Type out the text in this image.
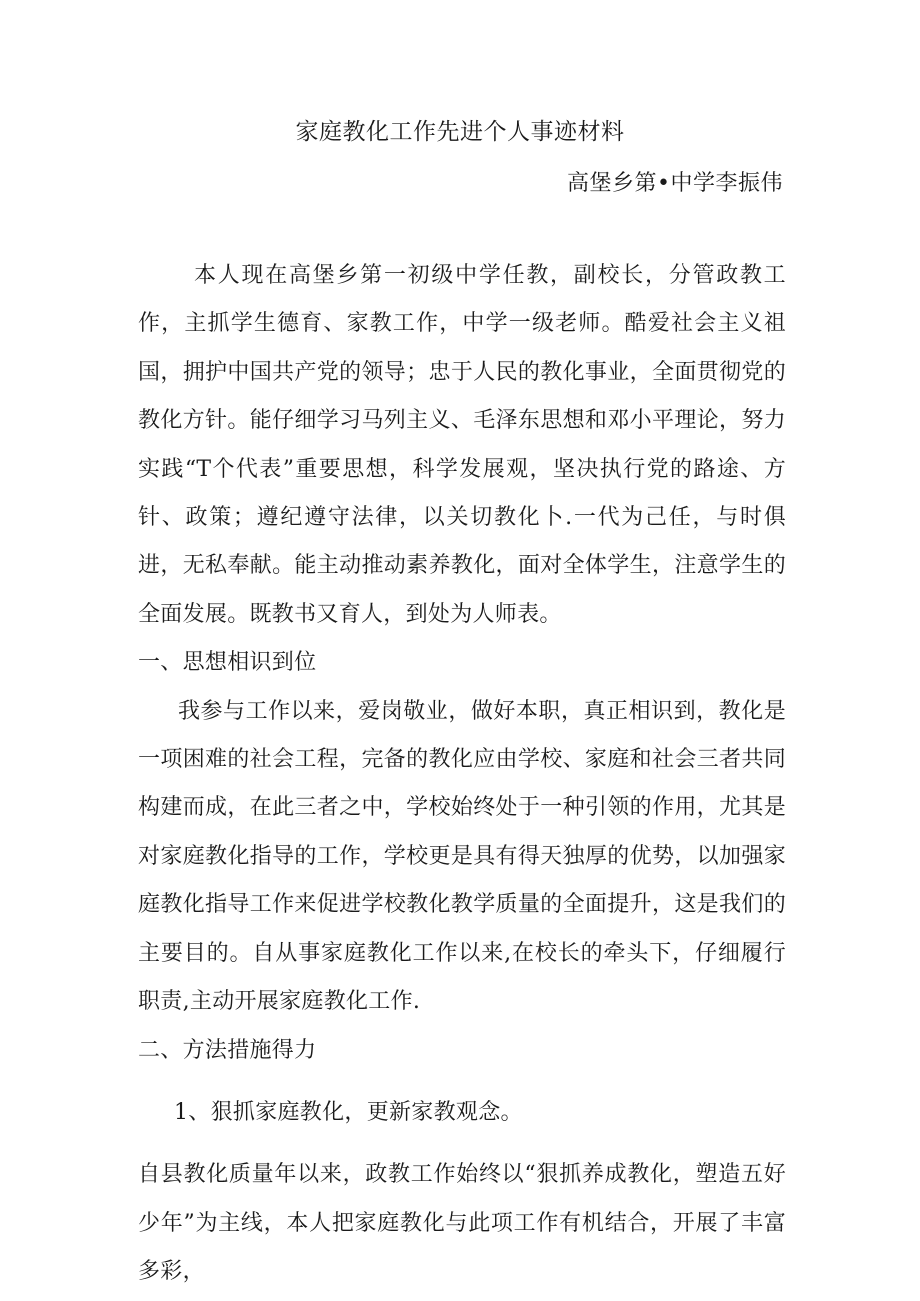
家庭教化工作先进个人事迹材料

高堡乡第•中学李振伟

本人现在高堡乡第一初级中学任教，副校长，分管政教工作，主抓学生德育、家教工作，中学一级老师。酷爱社会主义祖国，拥护中国共产党的领导；忠于人民的教化事业，全面贯彻党的教化方针。能仔细学习马列主义、毛泽东思想和邓小平理论，努力实践“T个代表”重要思想，科学发展观，坚决执行党的路途、方针、政策；遵纪遵守法律，以关切教化卜.一代为己任，与时俱进，无私奉献。能主动推动素养教化，面对全体学生，注意学生的全面发展。既教书又育人，到处为人师表。

一、思想相识到位

我参与工作以来，爱岗敬业，做好本职，真正相识到，教化是一项困难的社会工程，完备的教化应由学校、家庭和社会三者共同构建而成，在此三者之中，学校始终处于一种引领的作用，尤其是对家庭教化指导的工作，学校更是具有得天独厚的优势，以加强家庭教化指导工作来促进学校教化教学质量的全面提升，这是我们的主要目的。自从事家庭教化工作以来,在校长的牵头下，仔细履行职责,主动开展家庭教化工作.

二、方法措施得力

1、狠抓家庭教化，更新家教观念。

自县教化质量年以来，政教工作始终以“狠抓养成教化，塑造五好少年”为主线，本人把家庭教化与此项工作有机结合，开展了丰富多彩，
